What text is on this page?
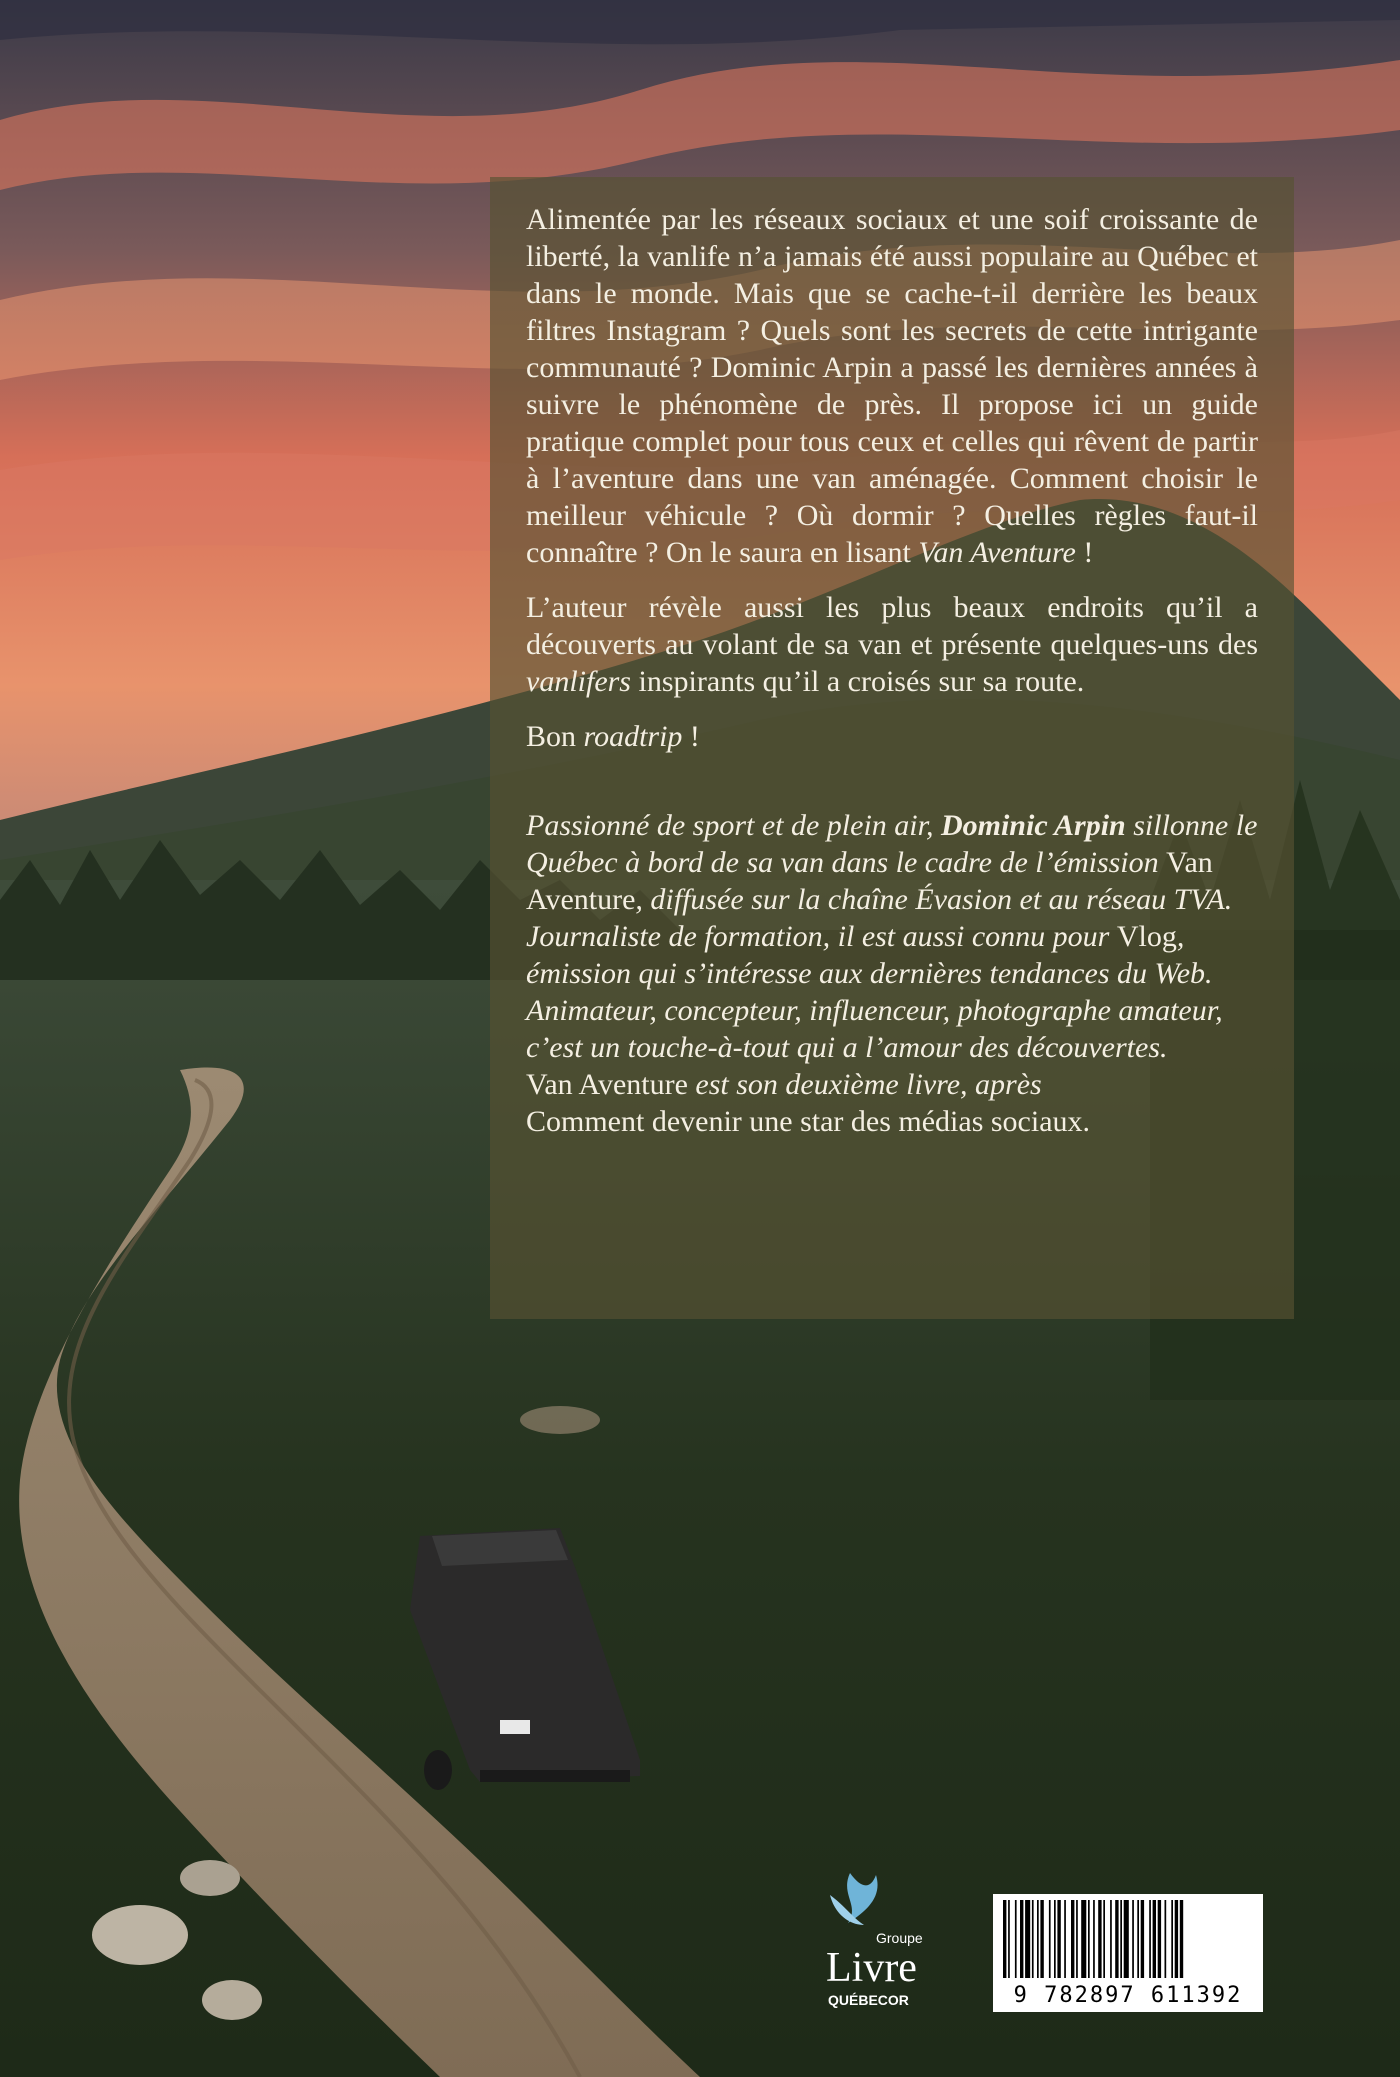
Alimentée par les réseaux sociaux et une soif croissante de liberté, la vanlife n’a jamais été aussi populaire au Québec et dans le monde. Mais que se cache-t-il derrière les beaux filtres Instagram ? Quels sont les secrets de cette intrigante communauté ? Dominic Arpin a passé les dernières années à suivre le phénomène de près. Il propose ici un guide pratique complet pour tous ceux et celles qui rêvent de partir à l’aventure dans une van aménagée. Comment choisir le meilleur véhicule ? Où dormir ? Quelles règles faut-il connaître ? On le saura en lisant Van Aventure !

L’auteur révèle aussi les plus beaux endroits qu’il a découverts au volant de sa van et présente quelques-uns des vanlifers inspirants qu’il a croisés sur sa route.

Bon roadtrip !

Passionné de sport et de plein air, Dominic Arpin sillonne le Québec à bord de sa van dans le cadre de l’émission Van Aventure, diffusée sur la chaîne Évasion et au réseau TVA. Journaliste de formation, il est aussi connu pour Vlog, émission qui s’intéresse aux dernières tendances du Web. Animateur, concepteur, influenceur, photographe amateur, c’est un touche-à-tout qui a l’amour des découvertes.
Van Aventure est son deuxième livre, après
Comment devenir une star des médias sociaux.

Groupe
Livre
QUÉBECOR	9 782897 611392
